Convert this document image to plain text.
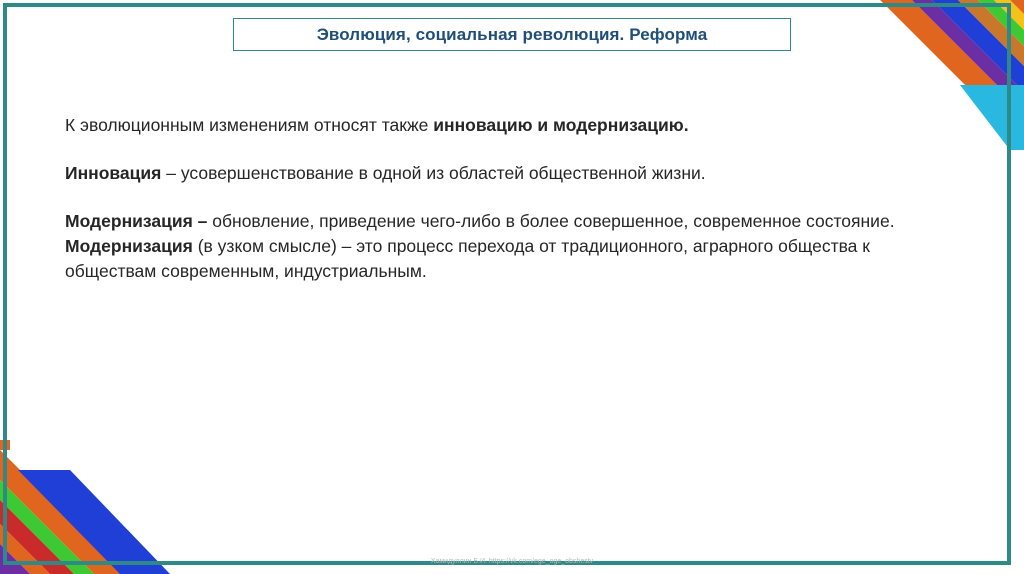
Эволюция, социальная революция. Реформа

К эволюционным изменениям относят также инновацию и модернизацию.

Инновация – усовершенствование в одной из областей общественной жизни.

Модернизация – обновление, приведение чего-либо в более совершенное, современное состояние.

Модернизация (в узком смысле) – это процесс перехода от традиционного, аграрного общества к обществам современным, индустриальным.

Хамидуллин Б.И. https://vk.com/ege_oge_obshestv
